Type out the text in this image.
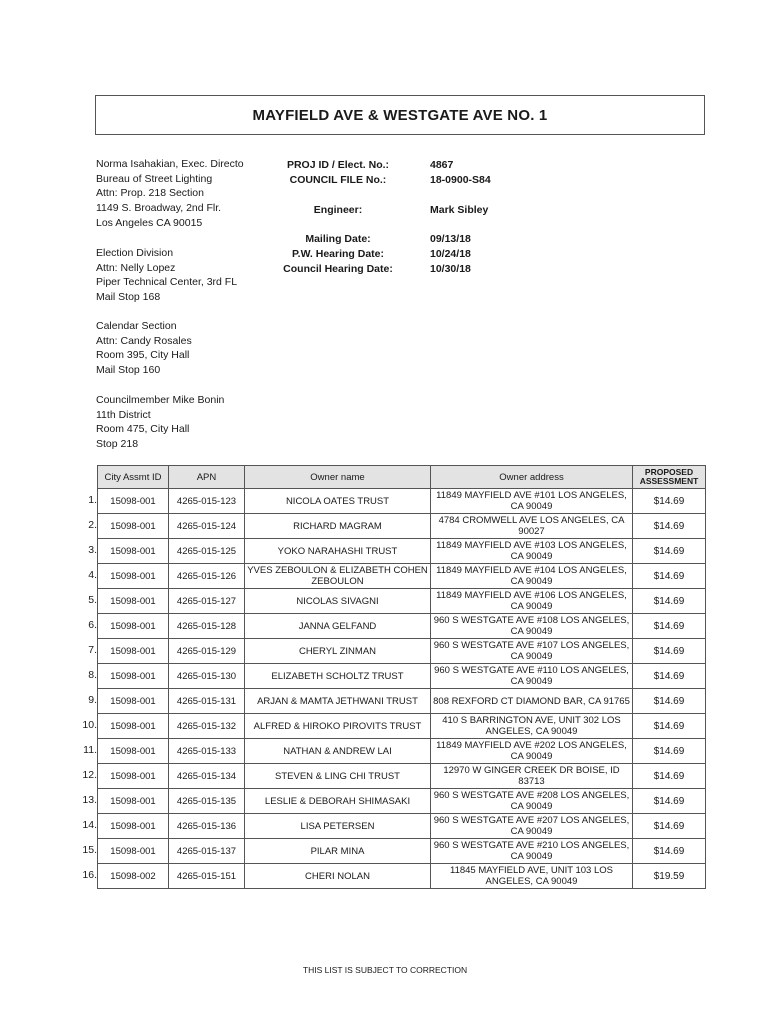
MAYFIELD AVE & WESTGATE AVE NO. 1
Norma Isahakian, Exec. Directo
Bureau of Street Lighting
Attn: Prop. 218 Section
1149 S. Broadway, 2nd Flr.
Los Angeles CA 90015
Election Division
Attn: Nelly Lopez
Piper Technical Center, 3rd FL
Mail Stop 168
Calendar Section
Attn: Candy Rosales
Room 395, City Hall
Mail Stop 160
Councilmember Mike Bonin
11th District
Room 475, City Hall
Stop 218
PROJ ID / Elect. No.:	4867
COUNCIL FILE No.:	18-0900-S84
Engineer:	Mark Sibley
Mailing Date:	09/13/18
P.W. Hearing Date:	10/24/18
Council Hearing Date:	10/30/18
	City Assmt ID	APN	Owner name	Owner address	PROPOSED ASSESSMENT

1.	15098-001	4265-015-123	NICOLA OATES TRUST	11849 MAYFIELD AVE #101 LOS ANGELES, CA 90049	$14.69

2.	15098-001	4265-015-124	RICHARD MAGRAM	4784 CROMWELL AVE LOS ANGELES, CA 90027	$14.69

3.	15098-001	4265-015-125	YOKO NARAHASHI TRUST	11849 MAYFIELD AVE #103 LOS ANGELES, CA 90049	$14.69

4.	15098-001	4265-015-126	YVES ZEBOULON & ELIZABETH COHEN ZEBOULON	11849 MAYFIELD AVE #104 LOS ANGELES, CA 90049	$14.69

5.	15098-001	4265-015-127	NICOLAS SIVAGNI	11849 MAYFIELD AVE #106 LOS ANGELES, CA 90049	$14.69

6.	15098-001	4265-015-128	JANNA GELFAND	960 S WESTGATE AVE #108 LOS ANGELES, CA 90049	$14.69

7.	15098-001	4265-015-129	CHERYL ZINMAN	960 S WESTGATE AVE #107 LOS ANGELES, CA 90049	$14.69

8.	15098-001	4265-015-130	ELIZABETH SCHOLTZ TRUST	960 S WESTGATE AVE #110 LOS ANGELES, CA 90049	$14.69

9.	15098-001	4265-015-131	ARJAN & MAMTA JETHWANI TRUST	808 REXFORD CT DIAMOND BAR, CA 91765	$14.69

10.	15098-001	4265-015-132	ALFRED & HIROKO PIROVITS TRUST	410 S BARRINGTON AVE, UNIT 302 LOS ANGELES, CA 90049	$14.69

11.	15098-001	4265-015-133	NATHAN & ANDREW LAI	11849 MAYFIELD AVE #202 LOS ANGELES, CA 90049	$14.69

12.	15098-001	4265-015-134	STEVEN & LING CHI TRUST	12970 W GINGER CREEK DR BOISE, ID 83713	$14.69

13.	15098-001	4265-015-135	LESLIE & DEBORAH SHIMASAKI	960 S WESTGATE AVE #208 LOS ANGELES, CA 90049	$14.69

14.	15098-001	4265-015-136	LISA PETERSEN	960 S WESTGATE AVE #207 LOS ANGELES, CA 90049	$14.69

15.	15098-001	4265-015-137	PILAR MINA	960 S WESTGATE AVE #210 LOS ANGELES, CA 90049	$14.69

16.	15098-002	4265-015-151	CHERI NOLAN	11845 MAYFIELD AVE, UNIT 103 LOS ANGELES, CA 90049	$19.59
THIS LIST IS SUBJECT TO CORRECTION
